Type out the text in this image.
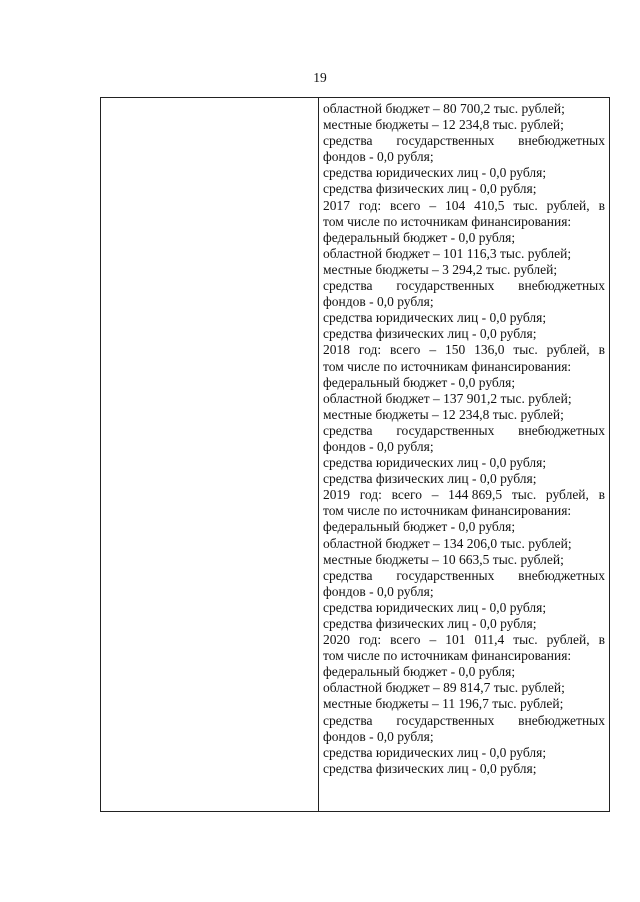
19
областной бюджет – 80 700,2 тыс. рублей;
местные бюджеты – 12 234,8 тыс. рублей;
средства государственных внебюджетных
фондов - 0,0 рубля;
средства юридических лиц - 0,0 рубля;
средства физических лиц - 0,0 рубля;
2017 год: всего – 104 410,5 тыс. рублей, в
том числе по источникам финансирования:
федеральный бюджет - 0,0 рубля;
областной бюджет – 101 116,3 тыс. рублей;
местные бюджеты – 3 294,2 тыс. рублей;
средства государственных внебюджетных
фондов - 0,0 рубля;
средства юридических лиц - 0,0 рубля;
средства физических лиц - 0,0 рубля;
2018 год: всего – 150 136,0 тыс. рублей, в
том числе по источникам финансирования:
федеральный бюджет - 0,0 рубля;
областной бюджет – 137 901,2 тыс. рублей;
местные бюджеты – 12 234,8 тыс. рублей;
средства государственных внебюджетных
фондов - 0,0 рубля;
средства юридических лиц - 0,0 рубля;
средства физических лиц - 0,0 рубля;
2019 год: всего – 144 869,5 тыс. рублей, в
том числе по источникам финансирования:
федеральный бюджет - 0,0 рубля;
областной бюджет – 134 206,0 тыс. рублей;
местные бюджеты – 10 663,5 тыс. рублей;
средства государственных внебюджетных
фондов - 0,0 рубля;
средства юридических лиц - 0,0 рубля;
средства физических лиц - 0,0 рубля;
2020 год: всего – 101 011,4 тыс. рублей, в
том числе по источникам финансирования:
федеральный бюджет - 0,0 рубля;
областной бюджет – 89 814,7 тыс. рублей;
местные бюджеты – 11 196,7 тыс. рублей;
средства государственных внебюджетных
фондов - 0,0 рубля;
средства юридических лиц - 0,0 рубля;
средства физических лиц - 0,0 рубля;
